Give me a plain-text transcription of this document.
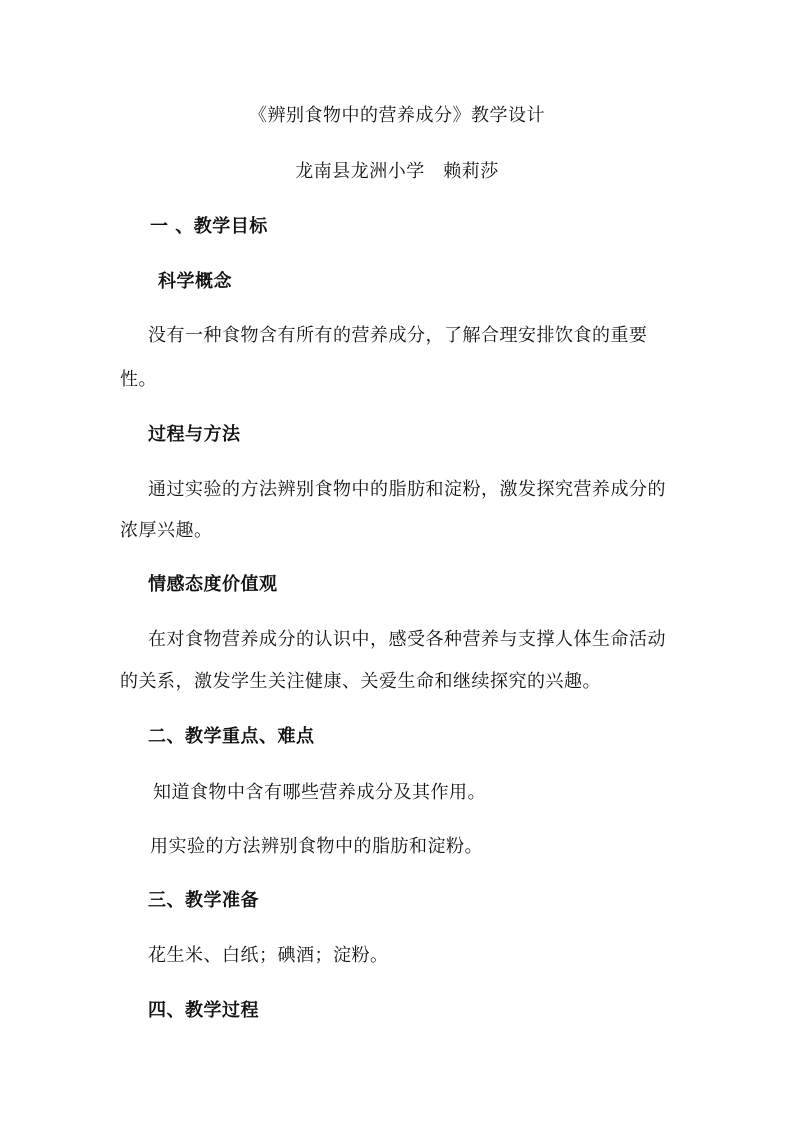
《辨别食物中的营养成分》教学设计
龙南县龙洲小学　赖莉莎
一 、教学目标
科学概念
没有一种食物含有所有的营养成分，了解合理安排饮食的重要
性。
过程与方法
通过实验的方法辨别食物中的脂肪和淀粉，激发探究营养成分的
浓厚兴趣。
情感态度价值观
在对食物营养成分的认识中，感受各种营养与支撑人体生命活动
的关系，激发学生关注健康、关爱生命和继续探究的兴趣。
二、教学重点、难点
知道食物中含有哪些营养成分及其作用。
用实验的方法辨别食物中的脂肪和淀粉。
三、教学准备
花生米、白纸；碘酒；淀粉。
四、教学过程
